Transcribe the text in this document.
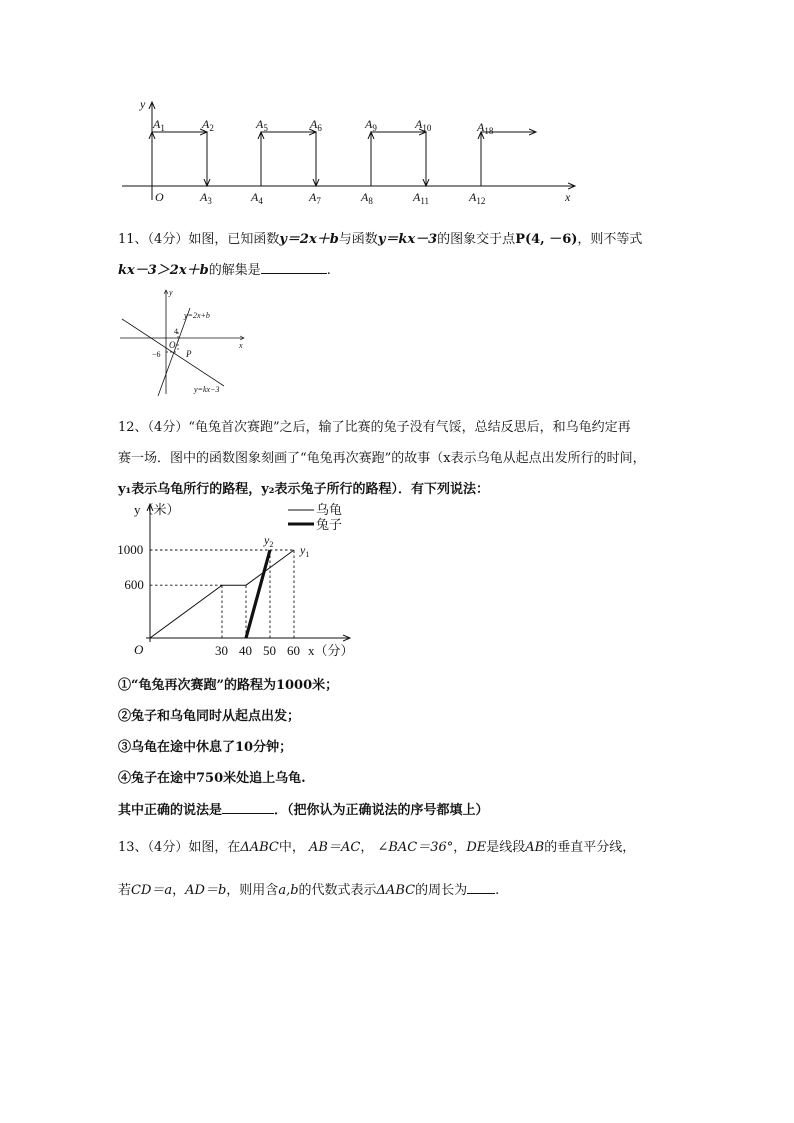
y
x
O
$A_1$	$A_2$	$A_5$	$A_6$	$A_9$	$A_{10}$	$A_{18}$
$A_3$	$A_4$	$A_7$	$A_8$	$A_{11}$	$A_{12}$
11、（4分）如图，已知函数y＝2x＋b与函数y＝kx－3的图象交于点P(4, －6)，则不等式
kx－3＞2x＋b的解集是	.
y
x
O
4
−6	P
y=2x+b
y=kx−3
12、（4分）“龟兔首次赛跑”之后，输了比赛的兔子没有气馁，总结反思后，和乌龟约定再
赛一场．图中的函数图象刻画了“龟兔再次赛跑”的故事（x表示乌龟从起点出发所行的时间，
y₁表示乌龟所行的路程，y₂表示兔子所行的路程）．有下列说法：
y（米）
x（分）
O	30 40 50 60
600
1000
乌龟
兔子
$y_1$
$y_2$
①“龟兔再次赛跑”的路程为1000米；
②兔子和乌龟同时从起点出发；
③乌龟在途中休息了10分钟；
④兔子在途中750米处追上乌龟.
其中正确的说法是	．（把你认为正确说法的序号都填上）
13、（4分）如图，在ΔABC中， AB＝AC， ∠BAC＝36°，DE是线段AB的垂直平分线，
若CD＝a，AD＝b，则用含a,b的代数式表示ΔABC的周长为 .
